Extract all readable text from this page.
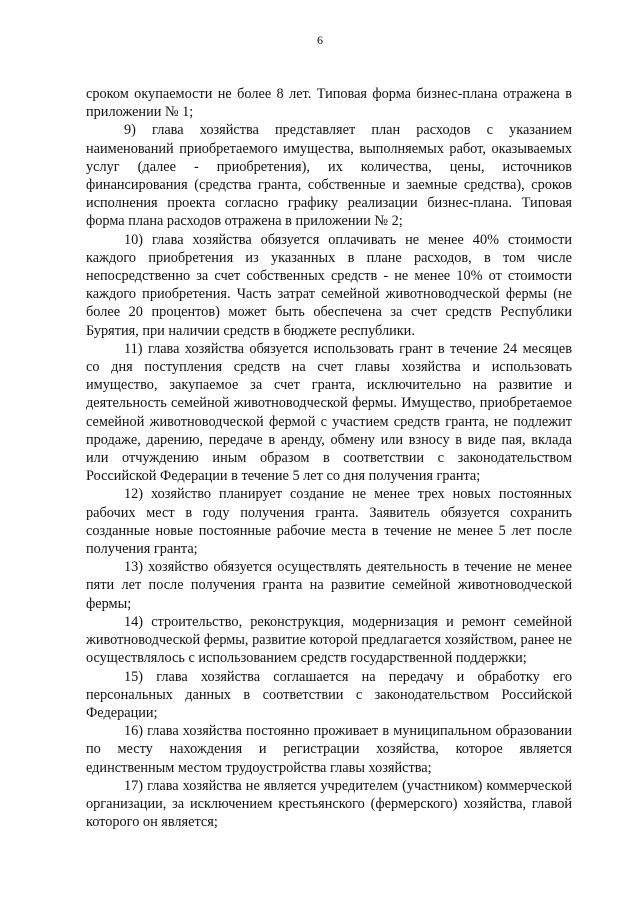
6

сроком окупаемости не более 8 лет. Типовая форма бизнес-плана отражена в приложении № 1;

9) глава хозяйства представляет план расходов с указанием наименований приобретаемого имущества, выполняемых работ, оказываемых услуг (далее - приобретения), их количества, цены, источников финансирования (средства гранта, собственные и заемные средства), сроков исполнения проекта согласно графику реализации бизнес-плана. Типовая форма плана расходов отражена в приложении № 2;

10) глава хозяйства обязуется оплачивать не менее 40% стоимости каждого приобретения из указанных в плане расходов, в том числе непосредственно за счет собственных средств - не менее 10% от стоимости каждого приобретения. Часть затрат семейной животноводческой фермы (не более 20 процентов) может быть обеспечена за счет средств Республики Бурятия, при наличии средств в бюджете республики.

11) глава хозяйства обязуется использовать грант в течение 24 месяцев со дня поступления средств на счет главы хозяйства и использовать имущество, закупаемое за счет гранта, исключительно на развитие и деятельность семейной животноводческой фермы. Имущество, приобретаемое семейной животноводческой фермой с участием средств гранта, не подлежит продаже, дарению, передаче в аренду, обмену или взносу в виде пая, вклада или отчуждению иным образом в соответствии с законодательством Российской Федерации в течение 5 лет со дня получения гранта;

12) хозяйство планирует создание не менее трех новых постоянных рабочих мест в году получения гранта. Заявитель обязуется сохранить созданные новые постоянные рабочие места в течение не менее 5 лет после получения гранта;

13) хозяйство обязуется осуществлять деятельность в течение не менее пяти лет после получения гранта на развитие семейной животноводческой фермы;

14) строительство, реконструкция, модернизация и ремонт семейной животноводческой фермы, развитие которой предлагается хозяйством, ранее не осуществлялось с использованием средств государственной поддержки;

15) глава хозяйства соглашается на передачу и обработку его персональных данных в соответствии с законодательством Российской Федерации;

16) глава хозяйства постоянно проживает в муниципальном образовании по месту нахождения и регистрации хозяйства, которое является единственным местом трудоустройства главы хозяйства;

17) глава хозяйства не является учредителем (участником) коммерческой организации, за исключением крестьянского (фермерского) хозяйства, главой которого он является;
